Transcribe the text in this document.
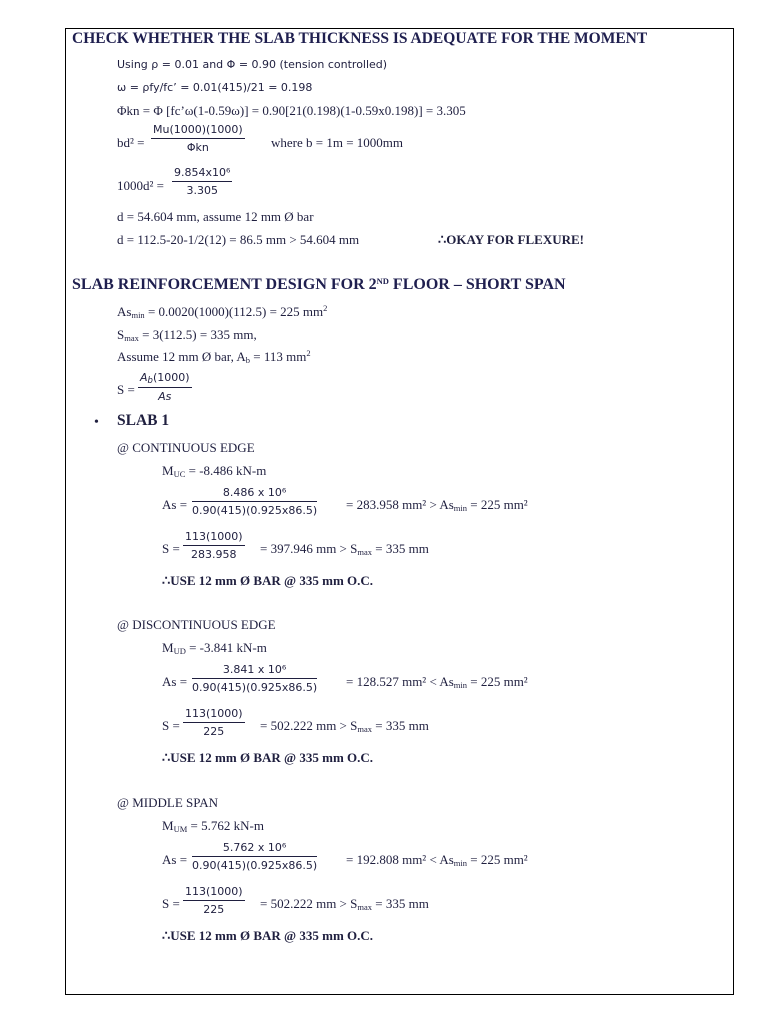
CHECK WHETHER THE SLAB THICKNESS IS ADEQUATE FOR THE MOMENT
Using ρ = 0.01 and Φ = 0.90 (tension controlled)
ω = ρfy/fc’ = 0.01(415)/21 = 0.198
Φkn = Φ [fc’ω(1-0.59ω)] = 0.90[21(0.198)(1-0.59x0.198)] = 3.305
bd² =
Mu(1000)(1000)
Φkn	where b = 1m = 1000mm
$1000d^2 = \frac{\text{9.854x10⁶}}{3.305}$
d = 54.604 mm, assume 12 mm Ø bar
d = 112.5-20-1/2(12) = 86.5 mm > 54.604 mm	∴OKAY FOR FLEXURE!
SLAB REINFORCEMENT DESIGN FOR 2ND FLOOR – SHORT SPAN
Asmin = 0.0020(1000)(112.5) = 225 $mm^2$
Smax = 3(112.5) = 335 mm,
Assume 12 mm Ø bar, Ab = 113 $mm^2$
$S = \frac{Ab(1000)}{As}$
• SLAB 1
@ CONTINUOUS EDGE
MUC = -8.486 kN-m
$As = \frac{\text{8.486 x 10⁶}}{0.90(415)(0.925x86.5)} = 283.958$ mm² > Asmin = 225 mm²
$S = \frac{113(1000)}{283.958} = 397.946$ mm > Smax = 335 mm
∴USE 12 mm Ø BAR @ 335 mm O.C.
@ DISCONTINUOUS EDGE
MUD = -3.841 kN-m
$As = \frac{\text{3.841 x 10⁶}}{0.90(415)(0.925x86.5)} = 128.527$ mm² < Asmin = 225 mm²
$S = \frac{113(1000)}{225} = 502.222$ mm > Smax = 335 mm
∴USE 12 mm Ø BAR @ 335 mm O.C.
@ MIDDLE SPAN
MUM = 5.762 kN-m
$As = \frac{\text{5.762 x 10⁶}}{0.90(415)(0.925x86.5)} = 192.808$ mm² < Asmin = 225 mm²
$S = \frac{113(1000)}{225} = 502.222$ mm > Smax = 335 mm
∴USE 12 mm Ø BAR @ 335 mm O.C.
